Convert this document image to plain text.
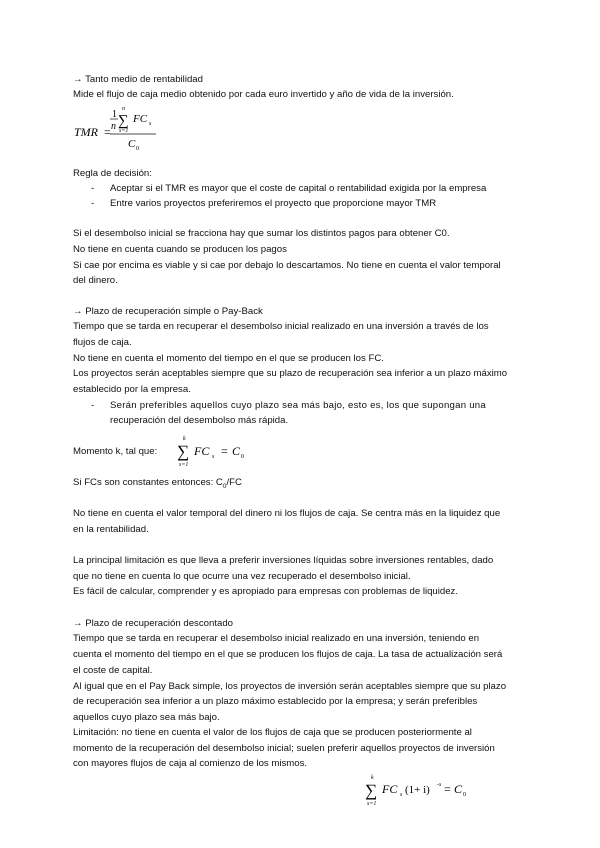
→ Tanto medio de rentabilidad
Mide el flujo de caja medio obtenido por cada euro invertido y año de vida de la inversión.
TMR =
1
n
n
∑
s=1
FC s
C 0
Regla de decisión:
- Aceptar si el TMR es mayor que el coste de capital o rentabilidad exigida por la empresa
- Entre varios proyectos preferiremos el proyecto que proporcione mayor TMR
Si el desembolso inicial se fracciona hay que sumar los distintos pagos para obtener C0.
No tiene en cuenta cuando se producen los pagos
Si cae por encima es viable y si cae por debajo lo descartamos. No tiene en cuenta el valor temporal
del dinero.
→ Plazo de recuperación simple o Pay-Back
Tiempo que se tarda en recuperar el desembolso inicial realizado en una inversión a través de los
flujos de caja.
No tiene en cuenta el momento del tiempo en el que se producen los FC.
Los proyectos serán aceptables siempre que su plazo de recuperación sea inferior a un plazo máximo
establecido por la empresa.
- Serán preferibles aquellos cuyo plazo sea más bajo, esto es, los que supongan una
recuperación del desembolso más rápida.
Momento k, tal que:
k
∑
s=1
FC s = C 0
Si FCs son constantes entonces: $C_0/FC$
No tiene en cuenta el valor temporal del dinero ni los flujos de caja. Se centra más en la liquidez que
en la rentabilidad.
La principal limitación es que lleva a preferir inversiones líquidas sobre inversiones rentables, dado
que no tiene en cuenta lo que ocurre una vez recuperado el desembolso inicial.
Es fácil de calcular, comprender y es apropiado para empresas con problemas de liquidez.
→ Plazo de recuperación descontado
Tiempo que se tarda en recuperar el desembolso inicial realizado en una inversión, teniendo en
cuenta el momento del tiempo en el que se producen los flujos de caja. La tasa de actualización será
el coste de capital.
Al igual que en el Pay Back simple, los proyectos de inversión serán aceptables siempre que su plazo
de recuperación sea inferior a un plazo máximo establecido por la empresa; y serán preferibles
aquellos cuyo plazo sea más bajo.
Limitación: no tiene en cuenta el valor de los flujos de caja que se producen posteriormente al
momento de la recuperación del desembolso inicial; suelen preferir aquellos proyectos de inversión
con mayores flujos de caja al comienzo de los mismos.
k
∑
s=1
FC s (1+ i) -s = C 0
